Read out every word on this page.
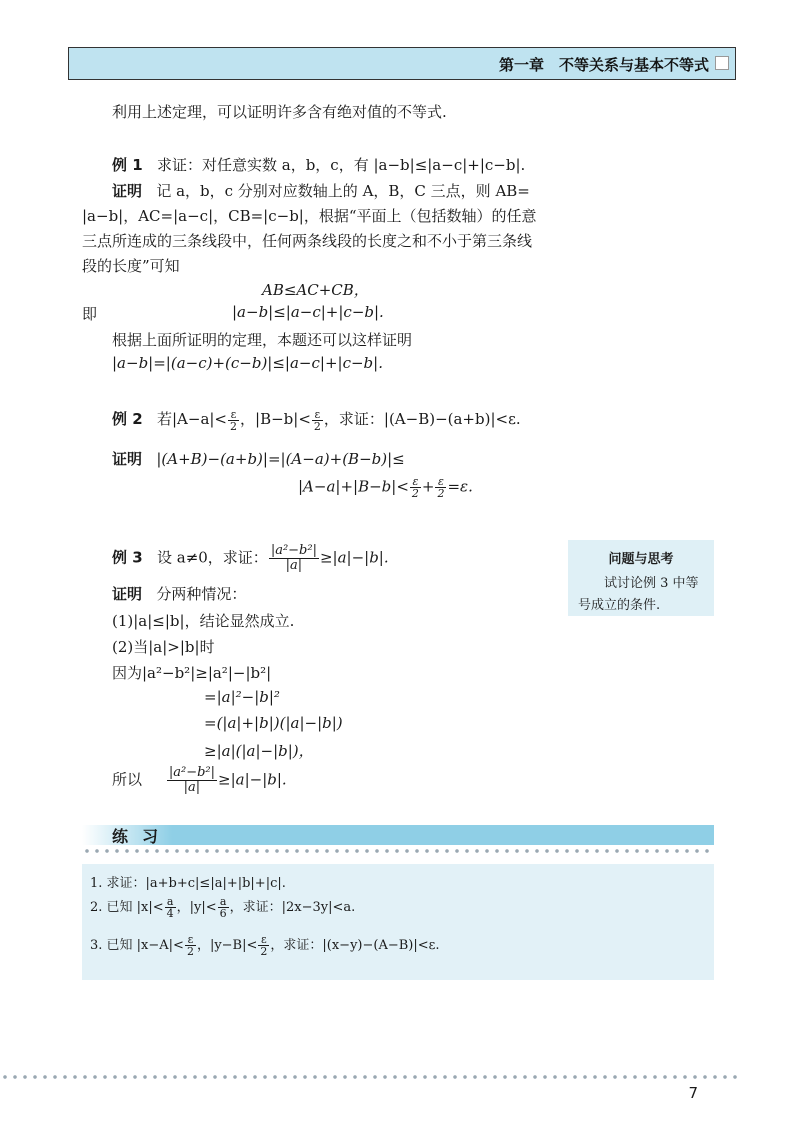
第一章　不等关系与基本不等式
利用上述定理，可以证明许多含有绝对值的不等式.
例 1 求证：对任意实数 a，b，c，有 |a−b|≤|a−c|+|c−b|.
证明 记 a，b，c 分别对应数轴上的 A，B，C 三点，则 AB=
|a−b|，AC=|a−c|，CB=|c−b|，根据“平面上（包括数轴）的任意
三点所连成的三条线段中，任何两条线段的长度之和不小于第三条线
段的长度”可知
AB≤AC+CB，
即	|a−b|≤|a−c|+|c−b|.
根据上面所证明的定理，本题还可以这样证明
|a−b|=|(a−c)+(c−b)|≤|a−c|+|c−b|.
例 2 若$|A-a|< \frac{\varepsilon}{2}$ ，$|B-b|< \frac{\varepsilon}{2}$ ，求证：|(A−B)−(a+b)|<ε.
证明 |(A+B)−(a+b)|=|(A−a)+(B−b)|≤
$|A-a|+|B-b|< \frac{\varepsilon}{2} + \frac{\varepsilon}{2} =\varepsilon$.
例 3 设 a≠0，求证： $\frac{\text{|a²−b²|}}{|a|} \ge|a|-|b|$.
证明 分两种情况：
(1)|a|≤|b|，结论显然成立.
(2)当|a|>|b|时
因为|a²−b²|≥|a²|−|b²|
=|a|²−|b|²
=(|a|+|b|)(|a|−|b|)
≥|a|(|a|−|b|)，
所以 $\frac{\text{|a²−b²|}}{|a|} \ge|a|-|b|$.
问题与思考
试讨论例 3 中等
号成立的条件.
练习
1. 求证：|a+b+c|≤|a|+|b|+|c|.
2. 已知 $|x|< \frac{a}{4}$ ，$|y|< \frac{a}{6}$ ，求证：|2x−3y|<a.
3. 已知 $|x-A|< \frac{\varepsilon}{2}$ ，$|y-B|< \frac{\varepsilon}{2}$ ，求证：|(x−y)−(A−B)|<ε.
7
